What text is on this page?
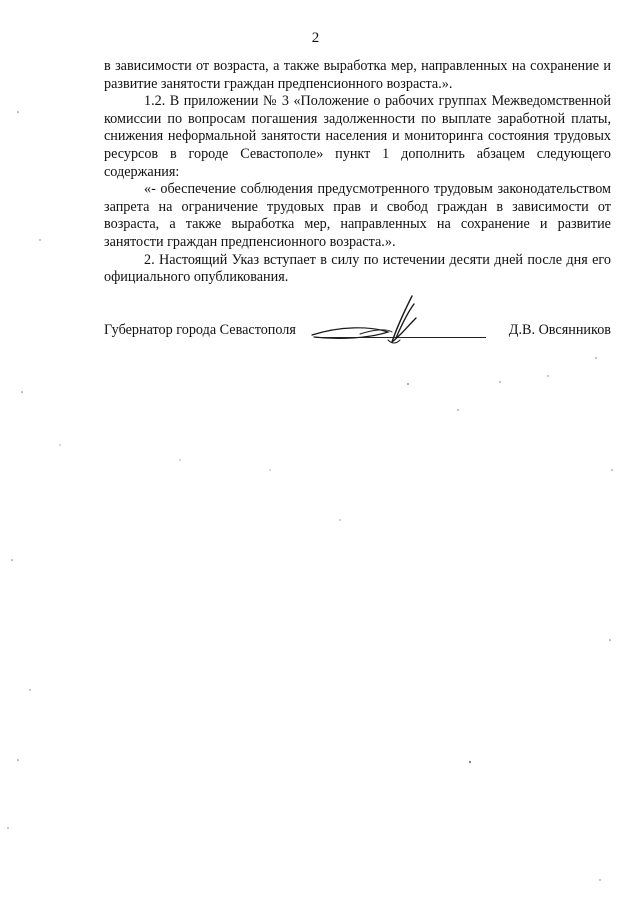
2

в зависимости от возраста, а также выработка мер, направленных на сохранение и развитие занятости граждан предпенсионного возраста.».

1.2. В приложении № 3 «Положение о рабочих группах Межведомственной комиссии по вопросам погашения задолженности по выплате заработной платы, снижения неформальной занятости населения и мониторинга состояния трудовых ресурсов в городе Севастополе» пункт 1 дополнить абзацем следующего содержания:

«- обеспечение соблюдения предусмотренного трудовым законодательством запрета на ограничение трудовых прав и свобод граждан в зависимости от возраста, а также выработка мер, направленных на сохранение и развитие занятости граждан предпенсионного возраста.».

2. Настоящий Указ вступает в силу по истечении десяти дней после дня его официального опубликования.

Губернатор города Севастополя	Д.В. Овсянников
